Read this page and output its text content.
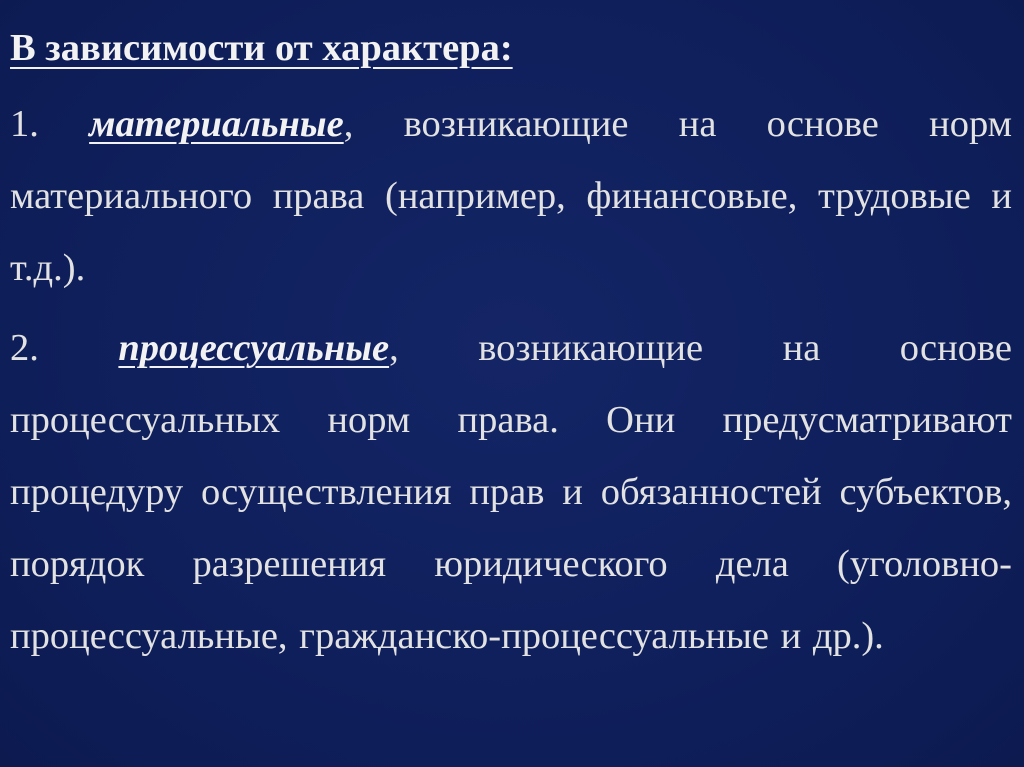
В зависимости от характера:

1. материальные, возникающие на основе норм материального права (например, финансовые, трудовые и т.д.).

2. процессуальные, возникающие на основе процессуальных норм права. Они предусматривают процедуру осуществления прав и обязанностей субъектов, порядок разрешения юридического дела (уголовно-процессуальные, гражданско-процессуальные и др.).
